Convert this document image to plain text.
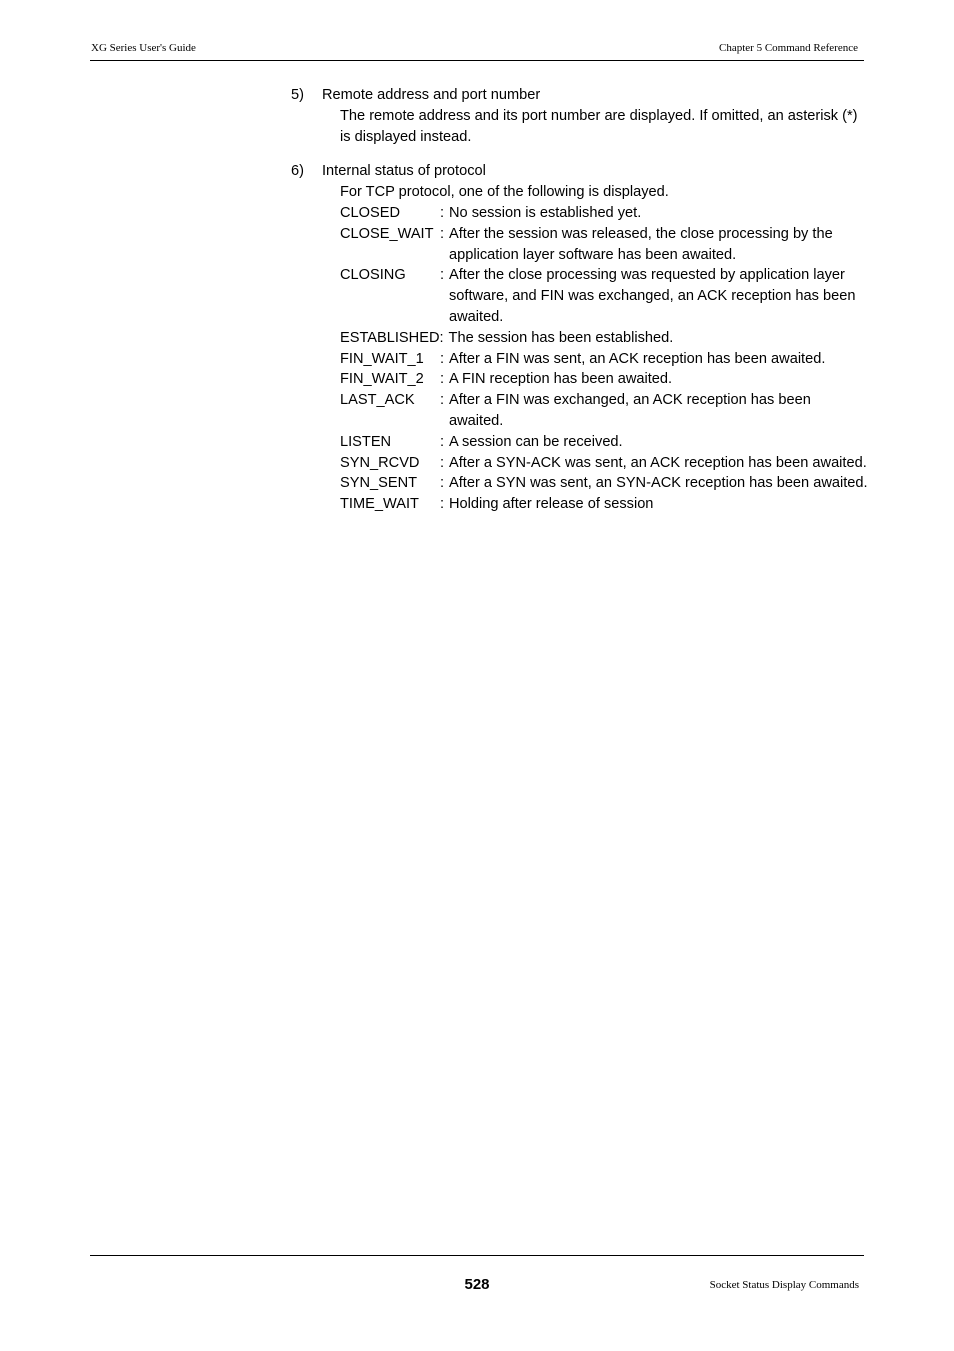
XG Series User's Guide	Chapter 5 Command Reference
5)	Remote address and port number
The remote address and its port number are displayed. If omitted, an asterisk (*) is displayed instead.
6)	Internal status of protocol
For TCP protocol, one of the following is displayed.
CLOSED	: No session is established yet.
CLOSE_WAIT : After the session was released, the close processing by the application layer software has been awaited.
CLOSING	: After the close processing was requested by application layer software, and FIN was exchanged, an ACK reception has been awaited.
ESTABLISHED : The session has been established.
FIN_WAIT_1	: After a FIN was sent, an ACK reception has been awaited.
FIN_WAIT_2	: A FIN reception has been awaited.
LAST_ACK	: After a FIN was exchanged, an ACK reception has been awaited.
LISTEN	: A session can be received.
SYN_RCVD	: After a SYN-ACK was sent, an ACK reception has been awaited.
SYN_SENT	: After a SYN was sent, an SYN-ACK reception has been awaited.
TIME_WAIT	: Holding after release of session
528	Socket Status Display Commands
